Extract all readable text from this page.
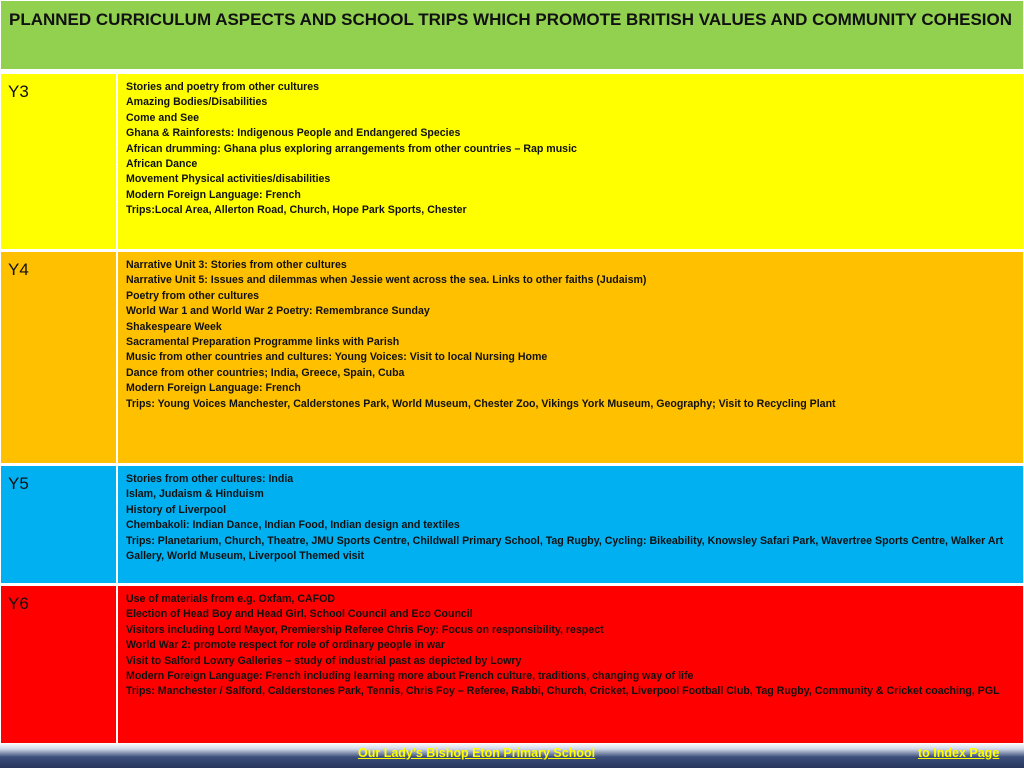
PLANNED CURRICULUM ASPECTS AND SCHOOL TRIPS WHICH PROMOTE BRITISH VALUES AND COMMUNITY COHESION
Y3	Stories and poetry from other cultures
Amazing Bodies/Disabilities
Come and See
Ghana & Rainforests: Indigenous People and Endangered Species
African drumming: Ghana plus exploring arrangements from other countries – Rap music
African Dance
Movement Physical activities/disabilities
Modern Foreign Language: French
Trips:Local Area, Allerton Road, Church, Hope Park Sports, Chester
Y4	Narrative Unit 3: Stories from other cultures
Narrative Unit 5: Issues and dilemmas when Jessie went across the sea. Links to other faiths (Judaism)
Poetry from other cultures
World War 1 and World War 2 Poetry: Remembrance Sunday
Shakespeare Week
Sacramental Preparation Programme links with Parish
Music from other countries and cultures: Young Voices: Visit to local Nursing Home
Dance from other countries; India, Greece, Spain, Cuba
Modern Foreign Language: French
Trips: Young Voices Manchester, Calderstones Park, World Museum, Chester Zoo, Vikings York Museum, Geography; Visit to Recycling Plant
Y5	Stories from other cultures: India
Islam, Judaism & Hinduism
History of Liverpool
Chembakoli: Indian Dance, Indian Food, Indian design and textiles
Trips: Planetarium, Church, Theatre, JMU Sports Centre, Childwall Primary School, Tag Rugby, Cycling: Bikeability, Knowsley Safari Park, Wavertree Sports Centre, Walker Art Gallery, World Museum, Liverpool Themed visit
Y6	Use of materials from e.g. Oxfam, CAFOD
Election of Head Boy and Head Girl, School Council and Eco Council
Visitors including Lord Mayor, Premiership Referee Chris Foy: Focus on responsibility, respect
World War 2: promote respect for role of ordinary people in war
Visit to Salford Lowry Galleries – study of industrial past as depicted by Lowry
Modern Foreign Language: French including learning more about French culture, traditions, changing way of life
Trips: Manchester / Salford, Calderstones Park, Tennis, Chris Foy – Referee, Rabbi, Church, Cricket, Liverpool Football Club, Tag Rugby, Community & Cricket coaching, PGL
Our Lady’s Bishop Eton Primary School	to Index Page
